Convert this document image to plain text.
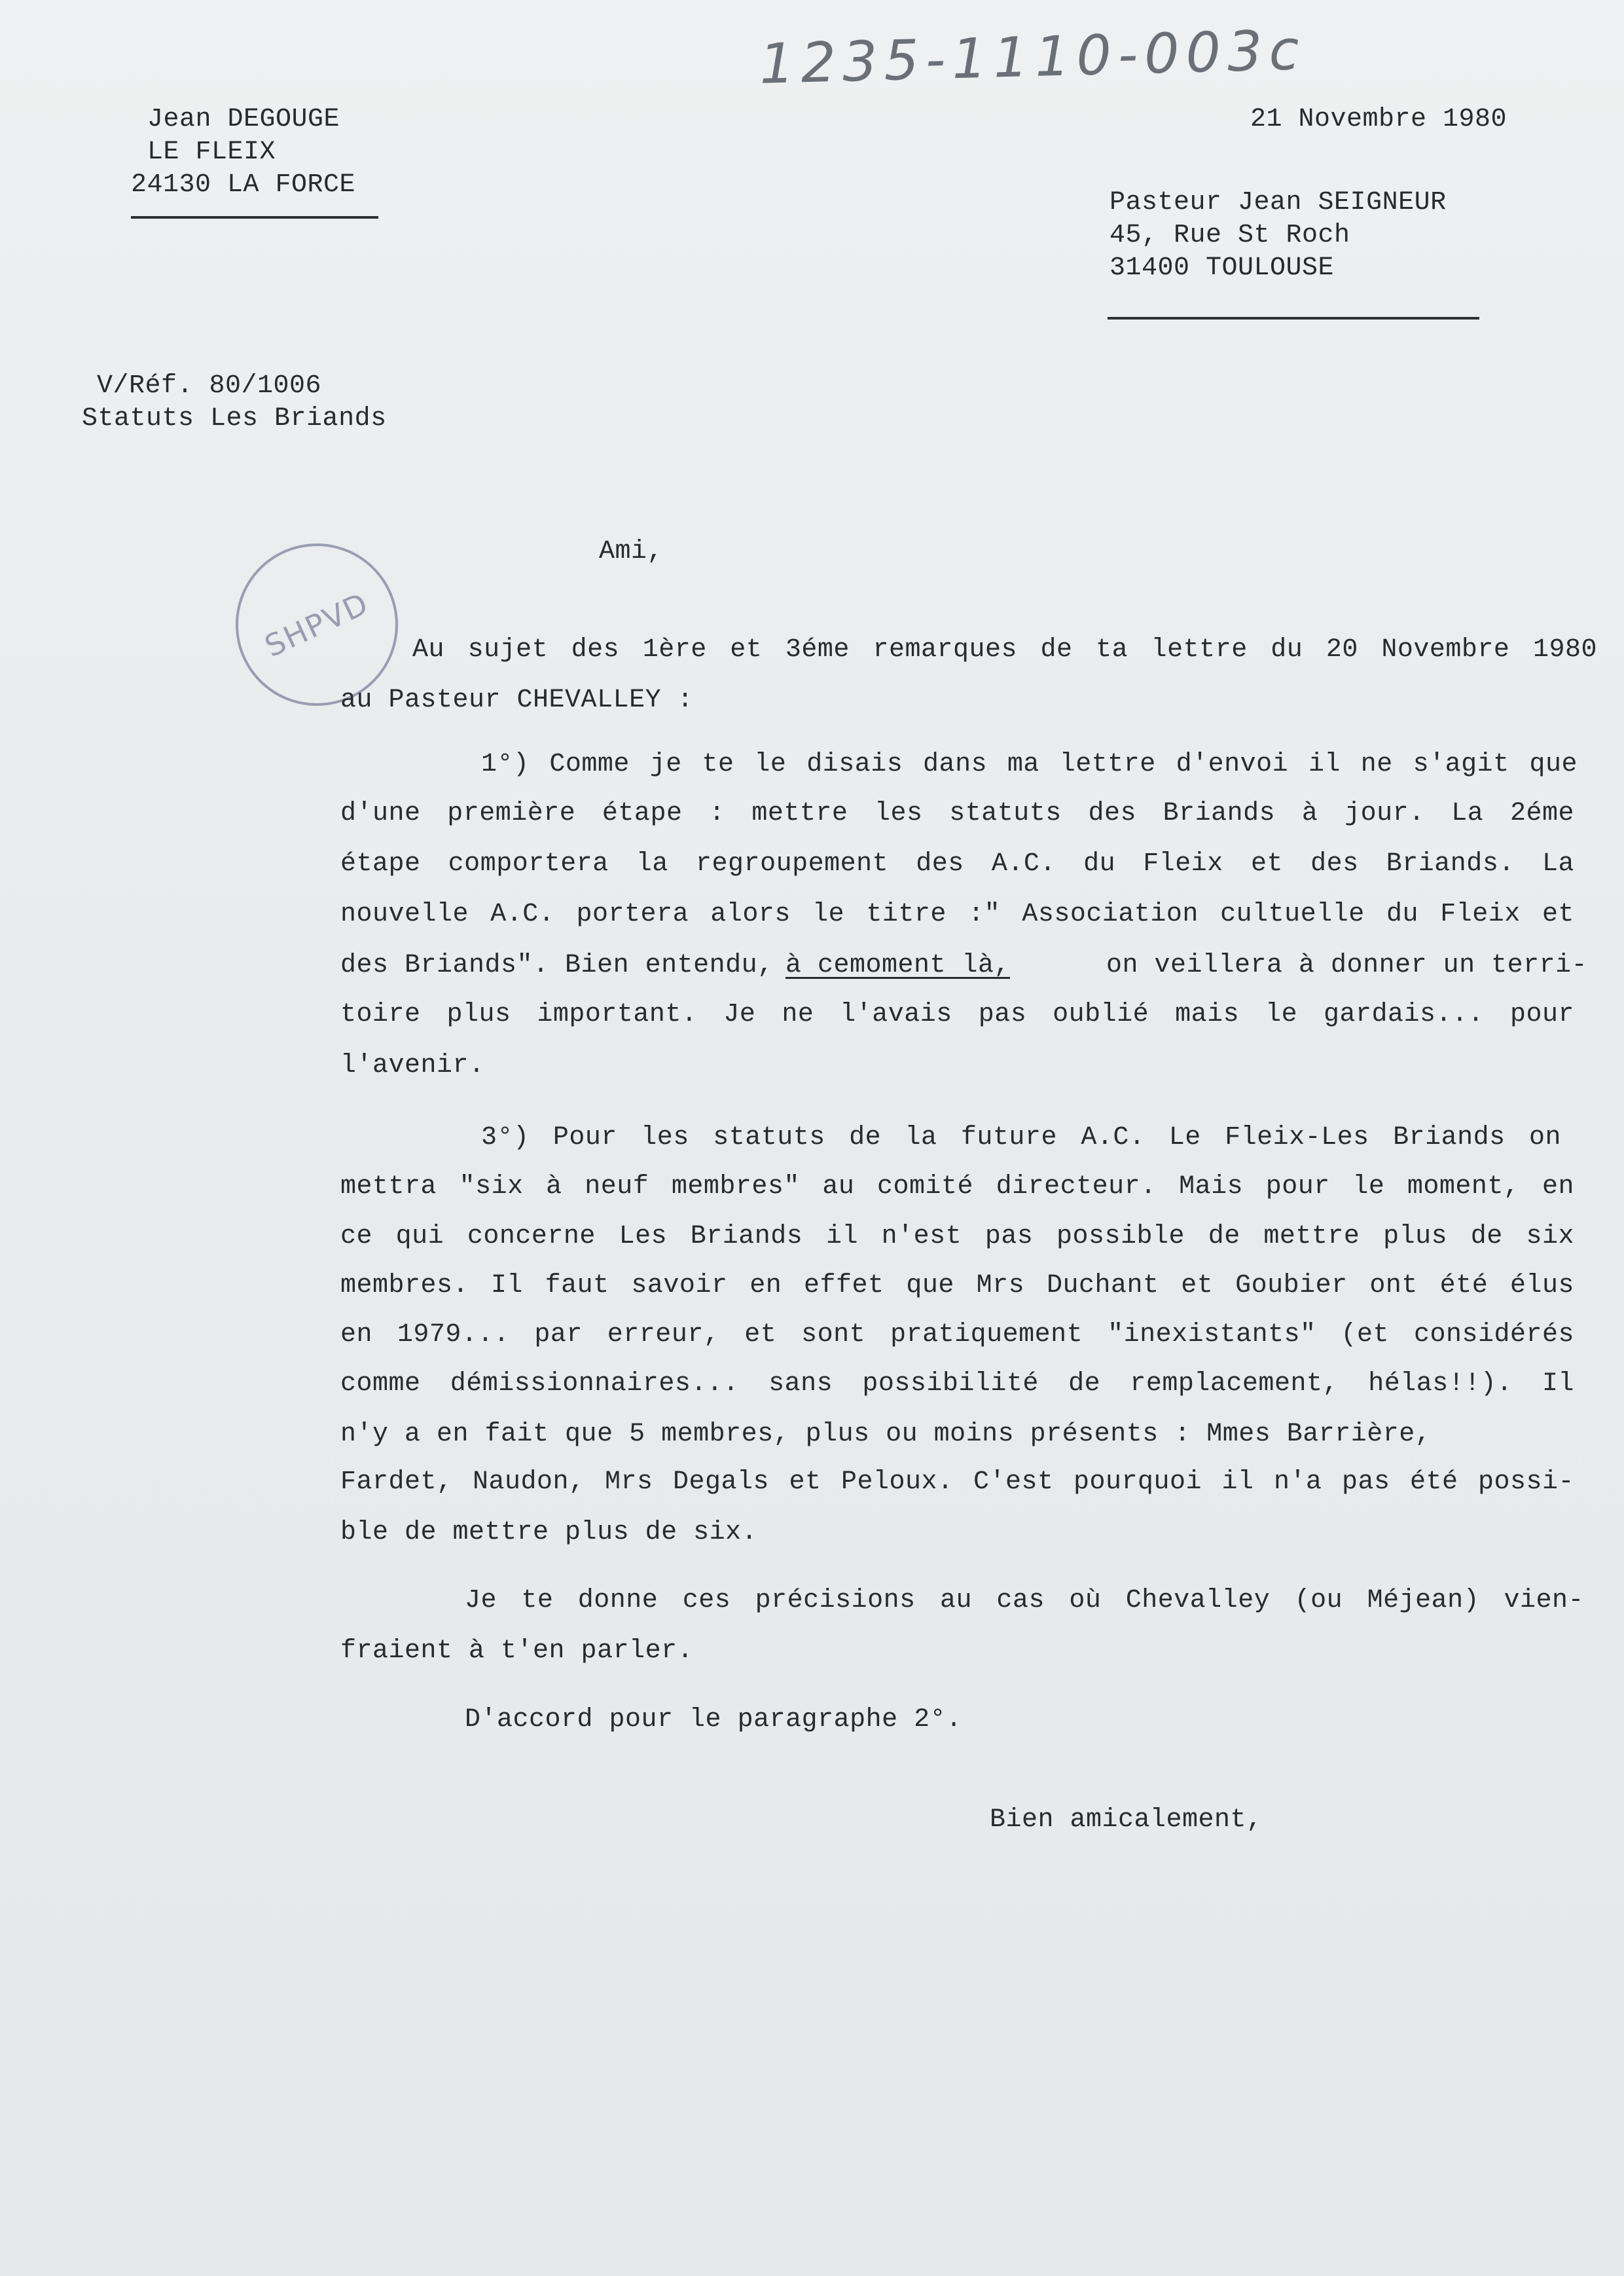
1235-1110-003c
Jean DEGOUGE
LE FLEIX
24130 LA FORCE
21 Novembre 1980
Pasteur Jean SEIGNEUR
45, Rue St Roch
31400 TOULOUSE
V/Réf. 80/1006
Statuts Les Briands
SHPVD
Ami,
Au sujet des 1ère et 3éme remarques de ta lettre du 20 Novembre 1980
au Pasteur CHEVALLEY :
1°) Comme je te le disais dans ma lettre d'envoi il ne s'agit que
d'une première étape : mettre les statuts des Briands à jour. La 2éme
étape comportera la regroupement des A.C. du Fleix et des Briands. La
nouvelle A.C. portera alors le titre :" Association cultuelle du Fleix et
des Briands". Bien entendu, à cemoment là,	on veillera à donner un terri-
toire plus important. Je ne l'avais pas oublié mais le gardais... pour
l'avenir.
3°) Pour les statuts de la future A.C. Le Fleix-Les Briands on
mettra "six à neuf membres" au comité directeur. Mais pour le moment, en
ce qui concerne Les Briands il n'est pas possible de mettre plus de six
membres. Il faut savoir en effet que Mrs Duchant et Goubier ont été élus
en 1979... par erreur, et sont pratiquement "inexistants" (et considérés
comme démissionnaires... sans possibilité de remplacement, hélas!!). Il
n'y a en fait que 5 membres, plus ou moins présents : Mmes Barrière,
Fardet, Naudon, Mrs Degals et Peloux. C'est pourquoi il n'a pas été possi-
ble de mettre plus de six.
Je te donne ces précisions au cas où Chevalley (ou Méjean) vien-
fraient à t'en parler.
D'accord pour le paragraphe 2°.
Bien amicalement,
